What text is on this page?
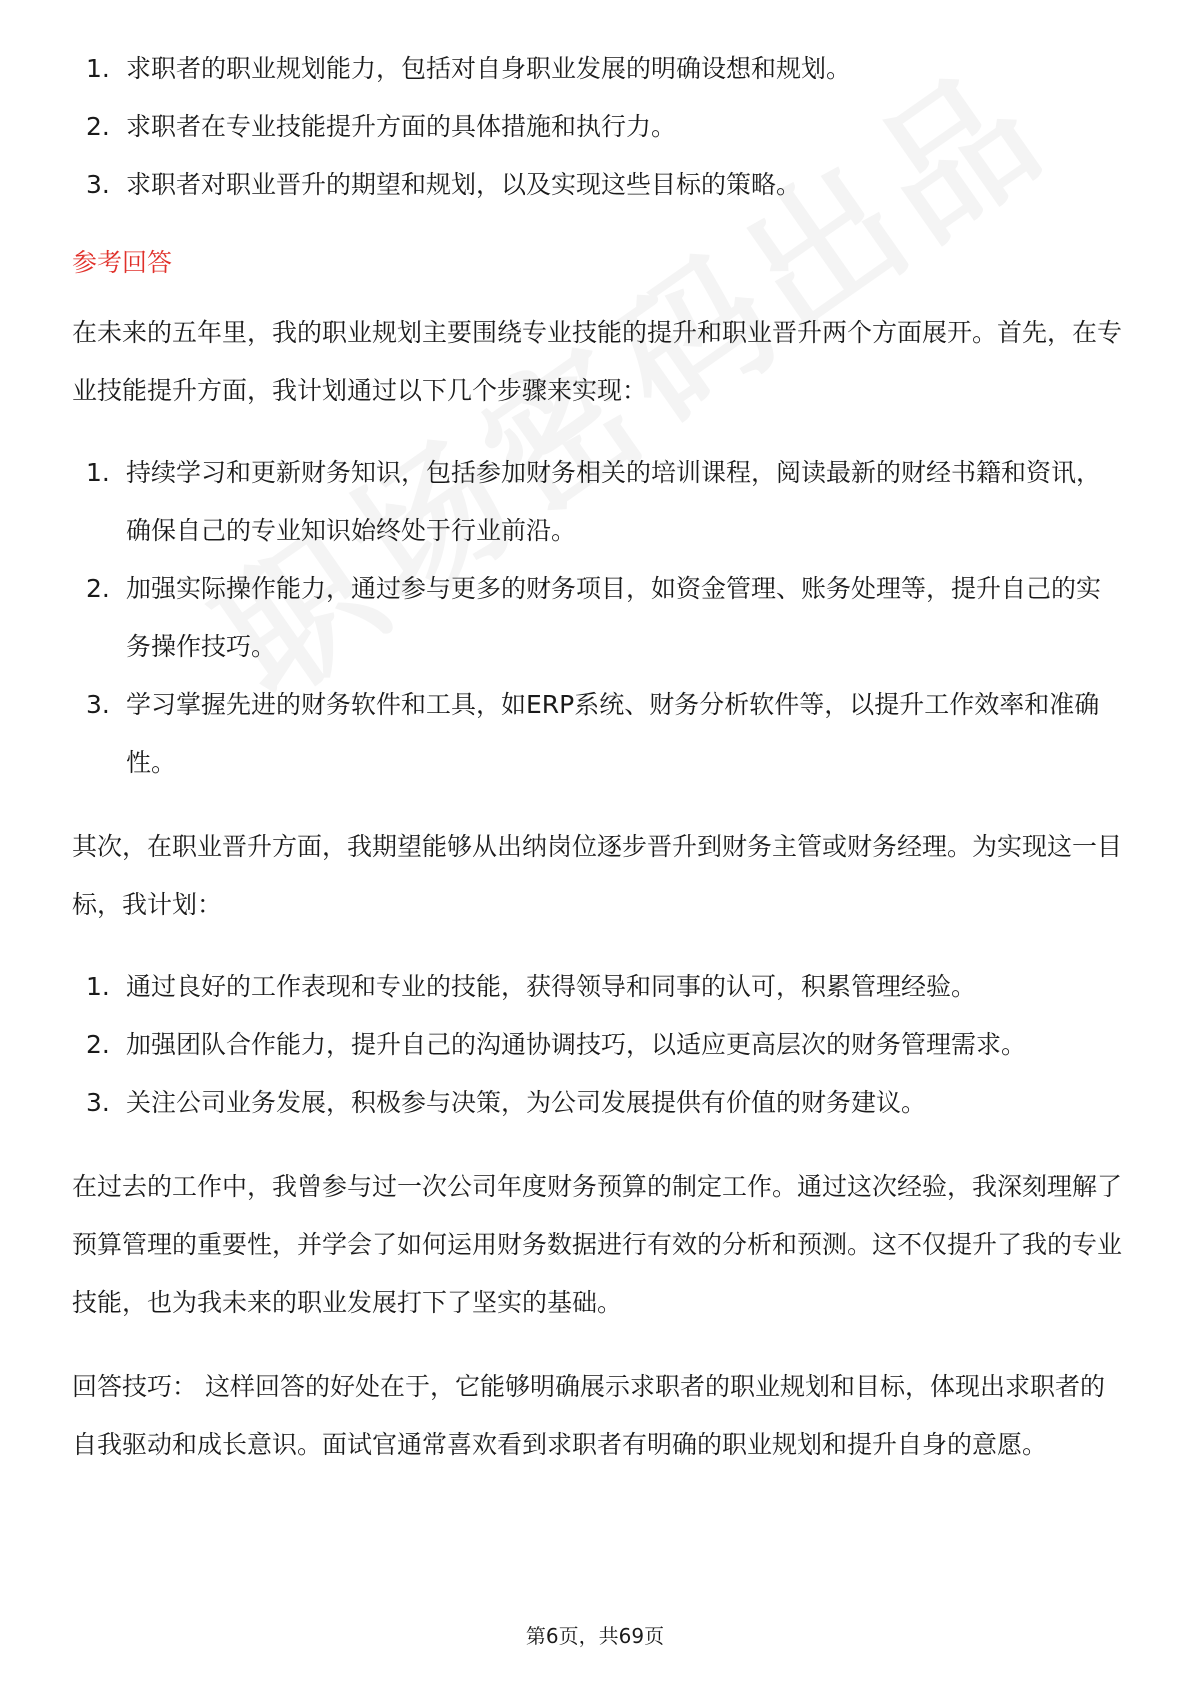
1. 求职者的职业规划能力，包括对自身职业发展的明确设想和规划。
2. 求职者在专业技能提升方面的具体措施和执行力。
3. 求职者对职业晋升的期望和规划，以及实现这些目标的策略。
参考回答

在未来的五年里，我的职业规划主要围绕专业技能的提升和职业晋升两个方面展开。首先，在专业技能提升方面，我计划通过以下几个步骤来实现：

1. 持续学习和更新财务知识，包括参加财务相关的培训课程，阅读最新的财经书籍和资讯，确保自己的专业知识始终处于行业前沿。
2. 加强实际操作能力，通过参与更多的财务项目，如资金管理、账务处理等，提升自己的实务操作技巧。
3. 学习掌握先进的财务软件和工具，如ERP系统、财务分析软件等，以提升工作效率和准确性。

其次，在职业晋升方面，我期望能够从出纳岗位逐步晋升到财务主管或财务经理。为实现这一目标，我计划：

1. 通过良好的工作表现和专业的技能，获得领导和同事的认可，积累管理经验。
2. 加强团队合作能力，提升自己的沟通协调技巧，以适应更高层次的财务管理需求。
3. 关注公司业务发展，积极参与决策，为公司发展提供有价值的财务建议。

在过去的工作中，我曾参与过一次公司年度财务预算的制定工作。通过这次经验，我深刻理解了预算管理的重要性，并学会了如何运用财务数据进行有效的分析和预测。这不仅提升了我的专业技能，也为我未来的职业发展打下了坚实的基础。

回答技巧： 这样回答的好处在于，它能够明确展示求职者的职业规划和目标，体现出求职者的自我驱动和成长意识。面试官通常喜欢看到求职者有明确的职业规划和提升自身的意愿。

第6页，共69页
